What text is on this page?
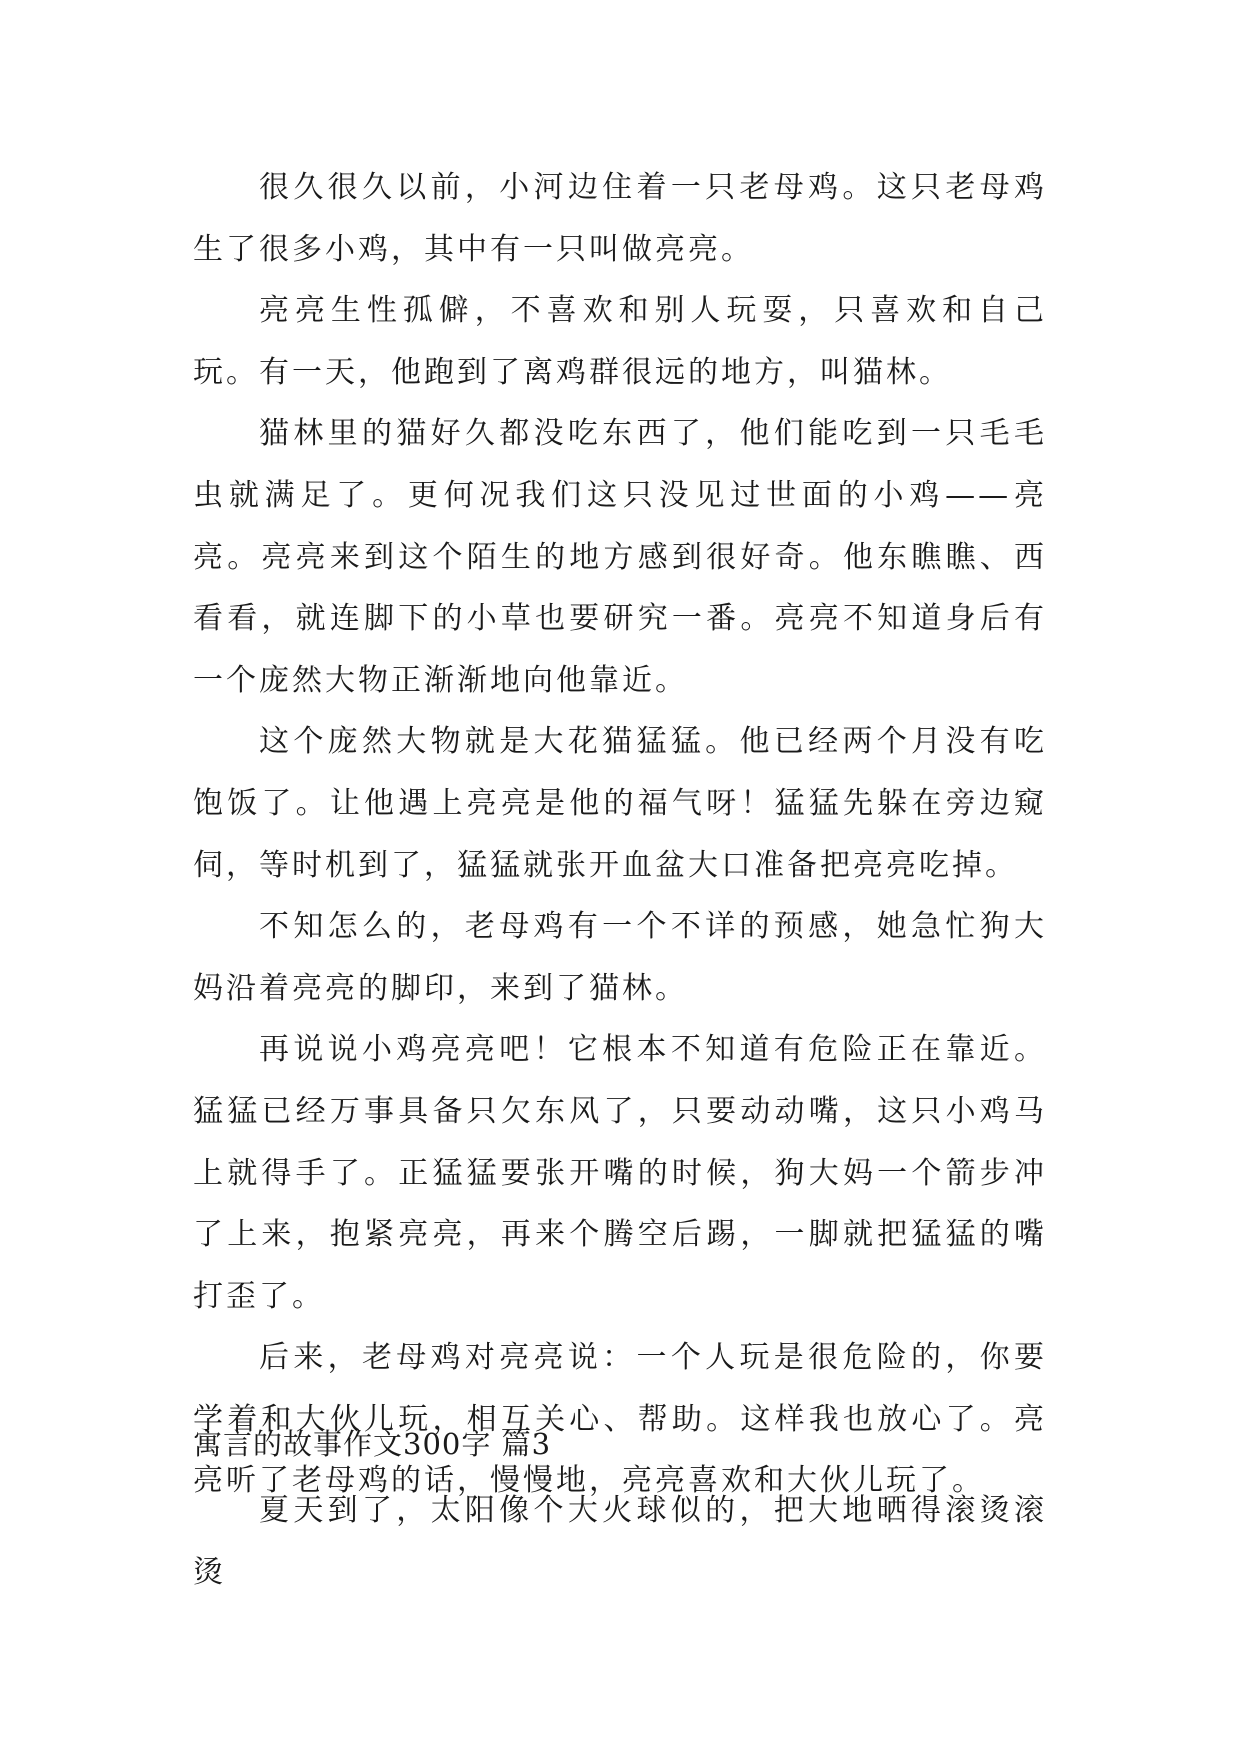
很久很久以前，小河边住着一只老母鸡。这只老母鸡生了很多小鸡，其中有一只叫做亮亮。

亮亮生性孤僻，不喜欢和别人玩耍，只喜欢和自己玩。有一天，他跑到了离鸡群很远的地方，叫猫林。

猫林里的猫好久都没吃东西了，他们能吃到一只毛毛虫就满足了。更何况我们这只没见过世面的小鸡——亮亮。亮亮来到这个陌生的地方感到很好奇。他东瞧瞧、西看看，就连脚下的小草也要研究一番。亮亮不知道身后有一个庞然大物正渐渐地向他靠近。

这个庞然大物就是大花猫猛猛。他已经两个月没有吃饱饭了。让他遇上亮亮是他的福气呀！猛猛先躲在旁边窥伺，等时机到了，猛猛就张开血盆大口准备把亮亮吃掉。

不知怎么的，老母鸡有一个不详的预感，她急忙狗大妈沿着亮亮的脚印，来到了猫林。

再说说小鸡亮亮吧！它根本不知道有危险正在靠近。猛猛已经万事具备只欠东风了，只要动动嘴，这只小鸡马上就得手了。正猛猛要张开嘴的时候，狗大妈一个箭步冲了上来，抱紧亮亮，再来个腾空后踢，一脚就把猛猛的嘴打歪了。

后来，老母鸡对亮亮说：一个人玩是很危险的，你要学着和大伙儿玩，相互关心、帮助。这样我也放心了。亮亮听了老母鸡的话，慢慢地，亮亮喜欢和大伙儿玩了。

寓言的故事作文300字 篇3

夏天到了，太阳像个大火球似的，把大地晒得滚烫滚烫
